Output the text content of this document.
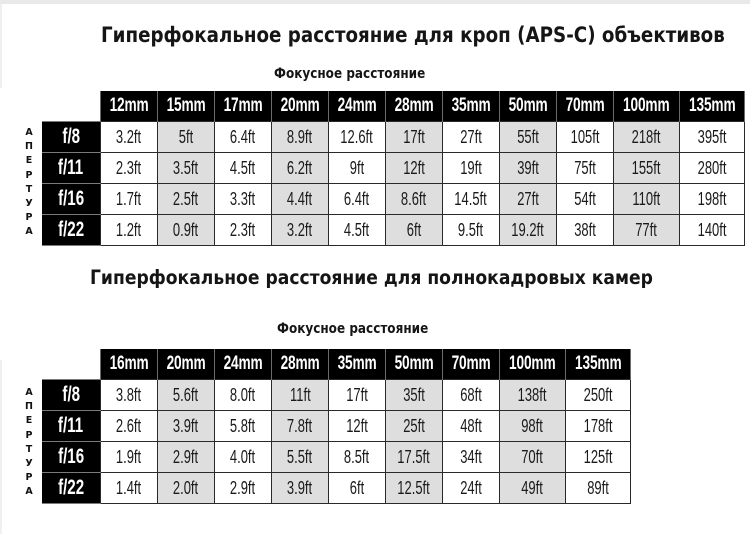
Гиперфокальное расстояние для кроп (APS-C) объективов
Фокусное расстояние
А
П
Е
Р
Т
У
Р
А
	12mm	15mm	17mm	20mm	24mm	28mm	35mm	50mm	70mm	100mm	135mm
f/8	3.2ft	5ft	6.4ft	8.9ft	12.6ft	17ft	27ft	55ft	105ft	218ft	395ft
f/11	2.3ft	3.5ft	4.5ft	6.2ft	9ft	12ft	19ft	39ft	75ft	155ft	280ft
f/16	1.7ft	2.5ft	3.3ft	4.4ft	6.4ft	8.6ft	14.5ft	27ft	54ft	110ft	198ft
f/22	1.2ft	0.9ft	2.3ft	3.2ft	4.5ft	6ft	9.5ft	19.2ft	38ft	77ft	140ft
Гиперфокальное расстояние для полнокадровых камер
Фокусное расстояние
А
П
Е
Р
Т
У
Р
А
	16mm	20mm	24mm	28mm	35mm	50mm	70mm	100mm	135mm
f/8	3.8ft	5.6ft	8.0ft	11ft	17ft	35ft	68ft	138ft	250ft
f/11	2.6ft	3.9ft	5.8ft	7.8ft	12ft	25ft	48ft	98ft	178ft
f/16	1.9ft	2.9ft	4.0ft	5.5ft	8.5ft	17.5ft	34ft	70ft	125ft
f/22	1.4ft	2.0ft	2.9ft	3.9ft	6ft	12.5ft	24ft	49ft	89ft
